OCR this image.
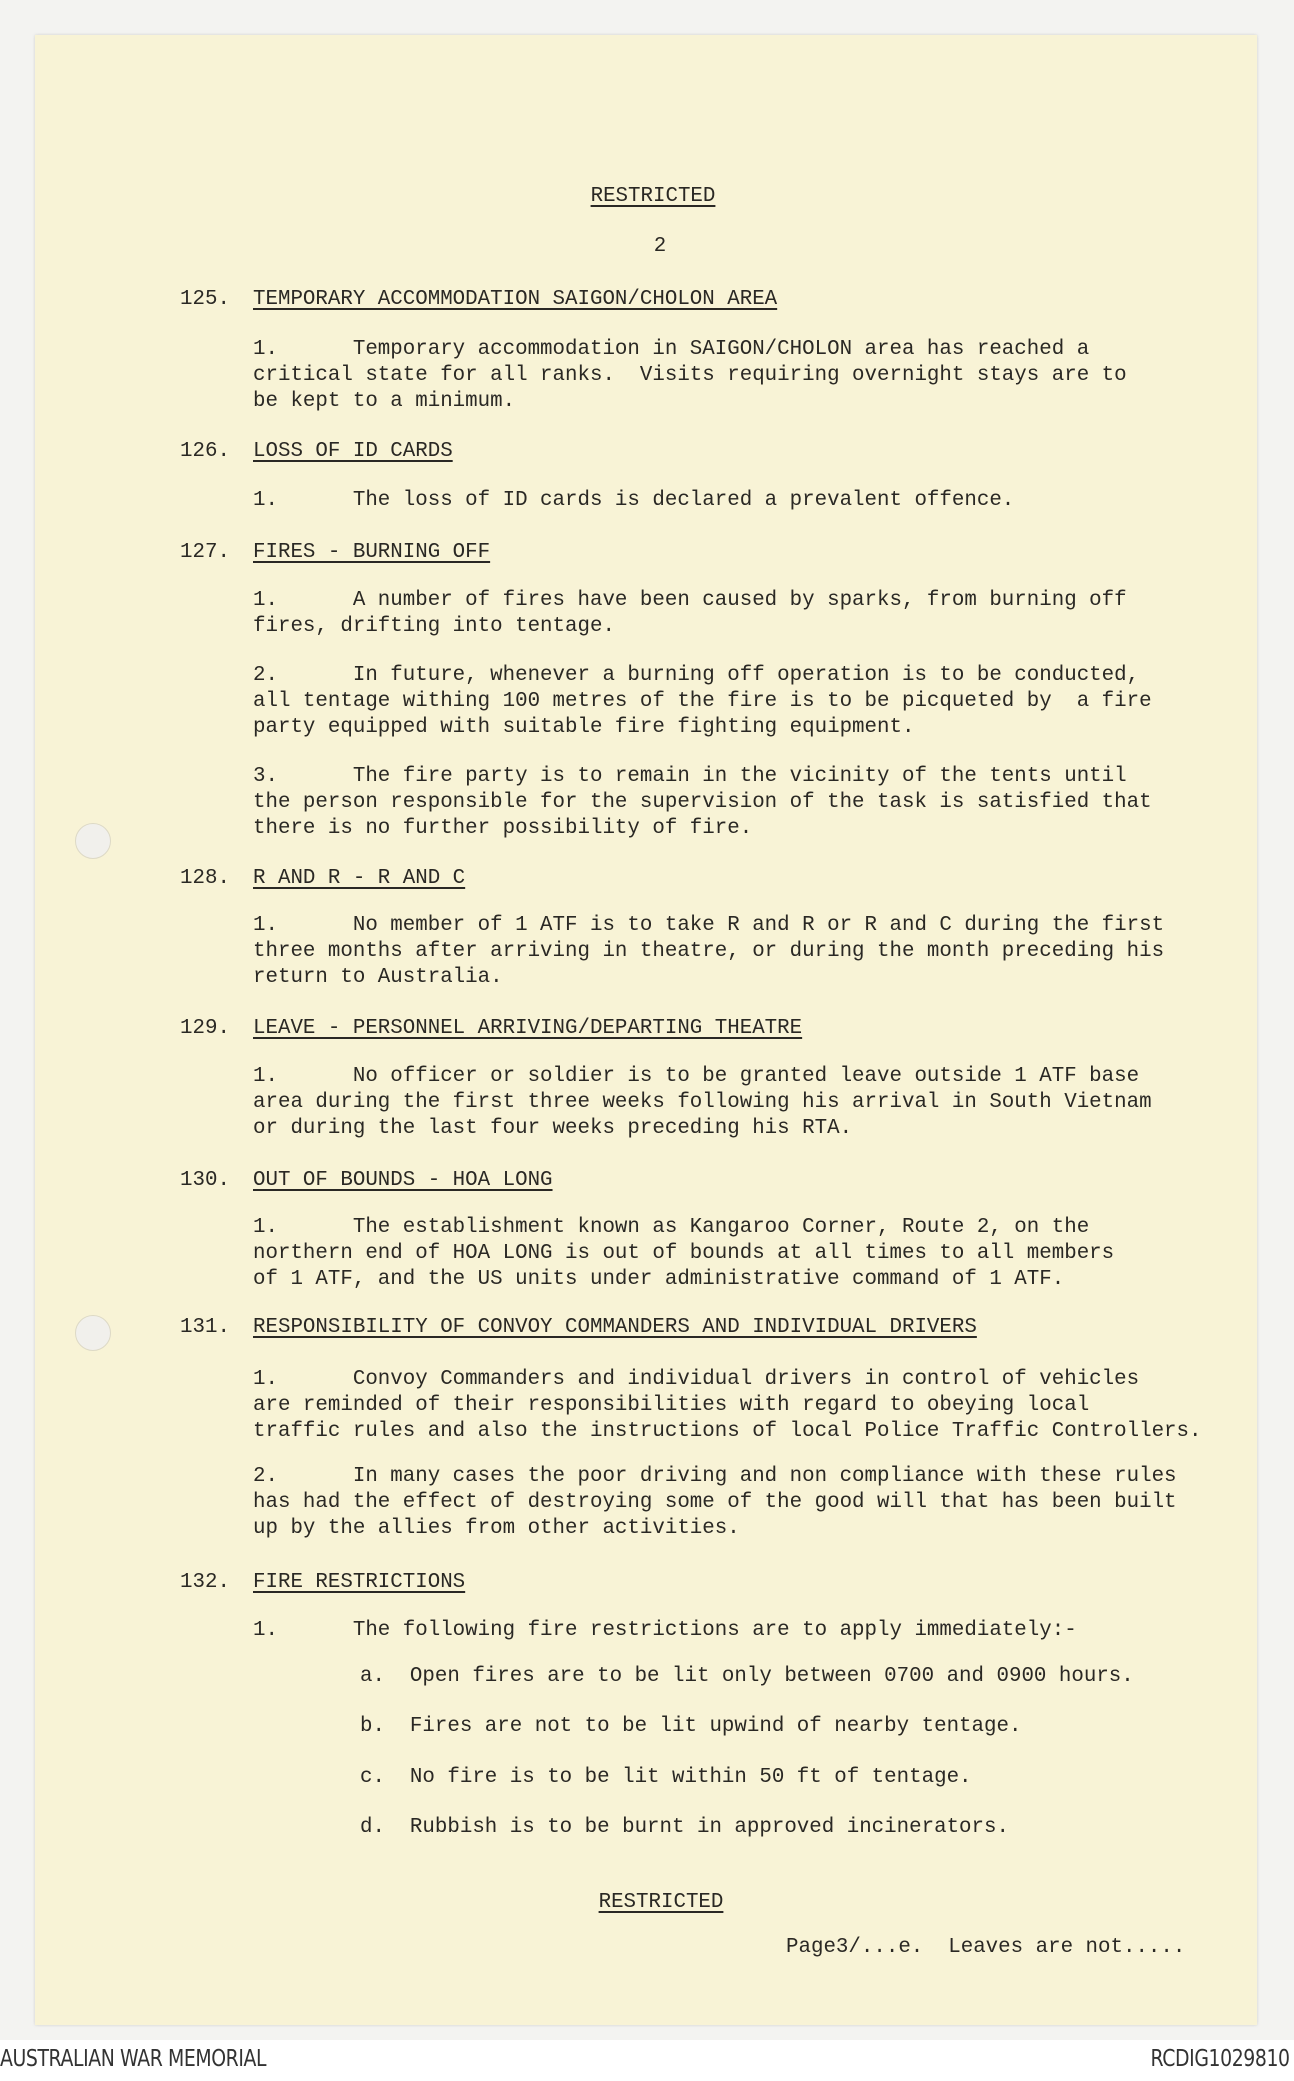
RESTRICTED
2
125. TEMPORARY ACCOMMODATION SAIGON/CHOLON AREA
1.      Temporary accommodation in SAIGON/CHOLON area has reached a
critical state for all ranks.  Visits requiring overnight stays are to
be kept to a minimum.
126. LOSS OF ID CARDS
1.      The loss of ID cards is declared a prevalent offence.
127. FIRES - BURNING OFF
1.      A number of fires have been caused by sparks, from burning off
fires, drifting into tentage.
2.      In future, whenever a burning off operation is to be conducted,
all tentage withing 100 metres of the fire is to be picqueted by  a fire
party equipped with suitable fire fighting equipment.
3.      The fire party is to remain in the vicinity of the tents until
the person responsible for the supervision of the task is satisfied that
there is no further possibility of fire.
128. R AND R - R AND C
1.      No member of 1 ATF is to take R and R or R and C during the first
three months after arriving in theatre, or during the month preceding his
return to Australia.
129. LEAVE - PERSONNEL ARRIVING/DEPARTING THEATRE
1.      No officer or soldier is to be granted leave outside 1 ATF base
area during the first three weeks following his arrival in South Vietnam
or during the last four weeks preceding his RTA.
130. OUT OF BOUNDS - HOA LONG
1.      The establishment known as Kangaroo Corner, Route 2, on the
northern end of HOA LONG is out of bounds at all times to all members
of 1 ATF, and the US units under administrative command of 1 ATF.
131. RESPONSIBILITY OF CONVOY COMMANDERS AND INDIVIDUAL DRIVERS
1.      Convoy Commanders and individual drivers in control of vehicles
are reminded of their responsibilities with regard to obeying local
traffic rules and also the instructions of local Police Traffic Controllers.
2.      In many cases the poor driving and non compliance with these rules
has had the effect of destroying some of the good will that has been built
up by the allies from other activities.
132. FIRE RESTRICTIONS
1.      The following fire restrictions are to apply immediately:-
a.  Open fires are to be lit only between 0700 and 0900 hours.
b.  Fires are not to be lit upwind of nearby tentage.
c.  No fire is to be lit within 50 ft of tentage.
d.  Rubbish is to be burnt in approved incinerators.
RESTRICTED
Page3/...e.  Leaves are not.....
AUSTRALIAN WAR MEMORIAL	RCDIG1029810
